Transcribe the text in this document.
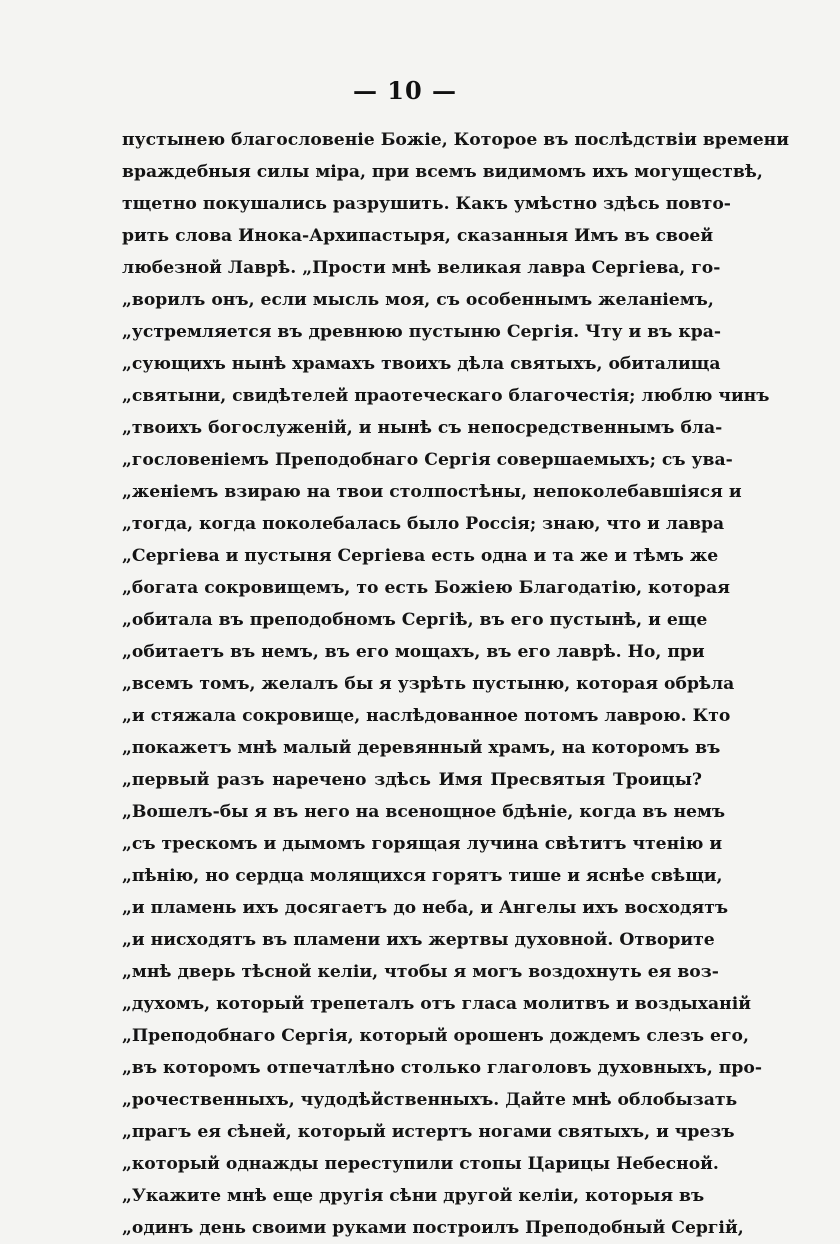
— 10 —
пустынею благословеніе Божіе, Которое въ послѣдствіи времени
враждебныя силы міра, при всемъ видимомъ ихъ могуществѣ,
тщетно покушались разрушить. Какъ умѣстно здѣсь повто-
рить слова Инока-Архипастыря, сказанныя Имъ въ своей
любезной Лаврѣ. „Прости мнѣ великая лавра Сергіева, го-
„ворилъ онъ, если мысль моя, съ особеннымъ желаніемъ,
„устремляется въ древнюю пустыню Сергія. Чту и въ кра-
„сующихъ нынѣ храмахъ твоихъ дѣла святыхъ, обиталища
„святыни, свидѣтелей праотеческаго благочестія; люблю чинъ
„твоихъ богослуженій, и нынѣ съ непосредственнымъ бла-
„гословеніемъ Преподобнаго Сергія совершаемыхъ; съ ува-
„женіемъ взираю на твои столпостѣны, непоколебавшіяся и
„тогда, когда поколебалась было Россія; знаю, что и лавра
„Сергіева и пустыня Сергіева есть одна и та же и тѣмъ же
„богата сокровищемъ, то есть Божіею Благодатію, которая
„обитала въ преподобномъ Сергіѣ, въ его пустынѣ, и еще
„обитаетъ въ немъ, въ его мощахъ, въ его лаврѣ. Но, при
„всемъ томъ, желалъ бы я узрѣть пустыню, которая обрѣла
„и стяжала сокровище, наслѣдованное потомъ лаврою. Кто
„покажетъ мнѣ малый деревянный храмъ, на которомъ въ
„первый разъ наречено здѣсь Имя Пресвятыя Троицы?
„Вошелъ-бы я въ него на всенощное бдѣніе, когда въ немъ
„съ трескомъ и дымомъ горящая лучина свѣтитъ чтенію и
„пѣнію, но сердца молящихся горятъ тише и яснѣе свѣщи,
„и пламень ихъ досягаетъ до неба, и Ангелы ихъ восходятъ
„и нисходятъ въ пламени ихъ жертвы духовной. Отворите
„мнѣ дверь тѣсной келіи, чтобы я могъ воздохнуть ея воз-
„духомъ, который трепеталъ отъ гласа молитвъ и воздыханій
„Преподобнаго Сергія, который орошенъ дождемъ слезъ его,
„въ которомъ отпечатлѣно столько глаголовъ духовныхъ, про-
„рочественныхъ, чудодѣйственныхъ. Дайте мнѣ облобызать
„прагъ ея сѣней, который истертъ ногами святыхъ, и чрезъ
„который однажды переступили стопы Царицы Небесной.
„Укажите мнѣ еще другія сѣни другой келіи, которыя въ
„одинъ день своими руками построилъ Преподобный Сергій,
